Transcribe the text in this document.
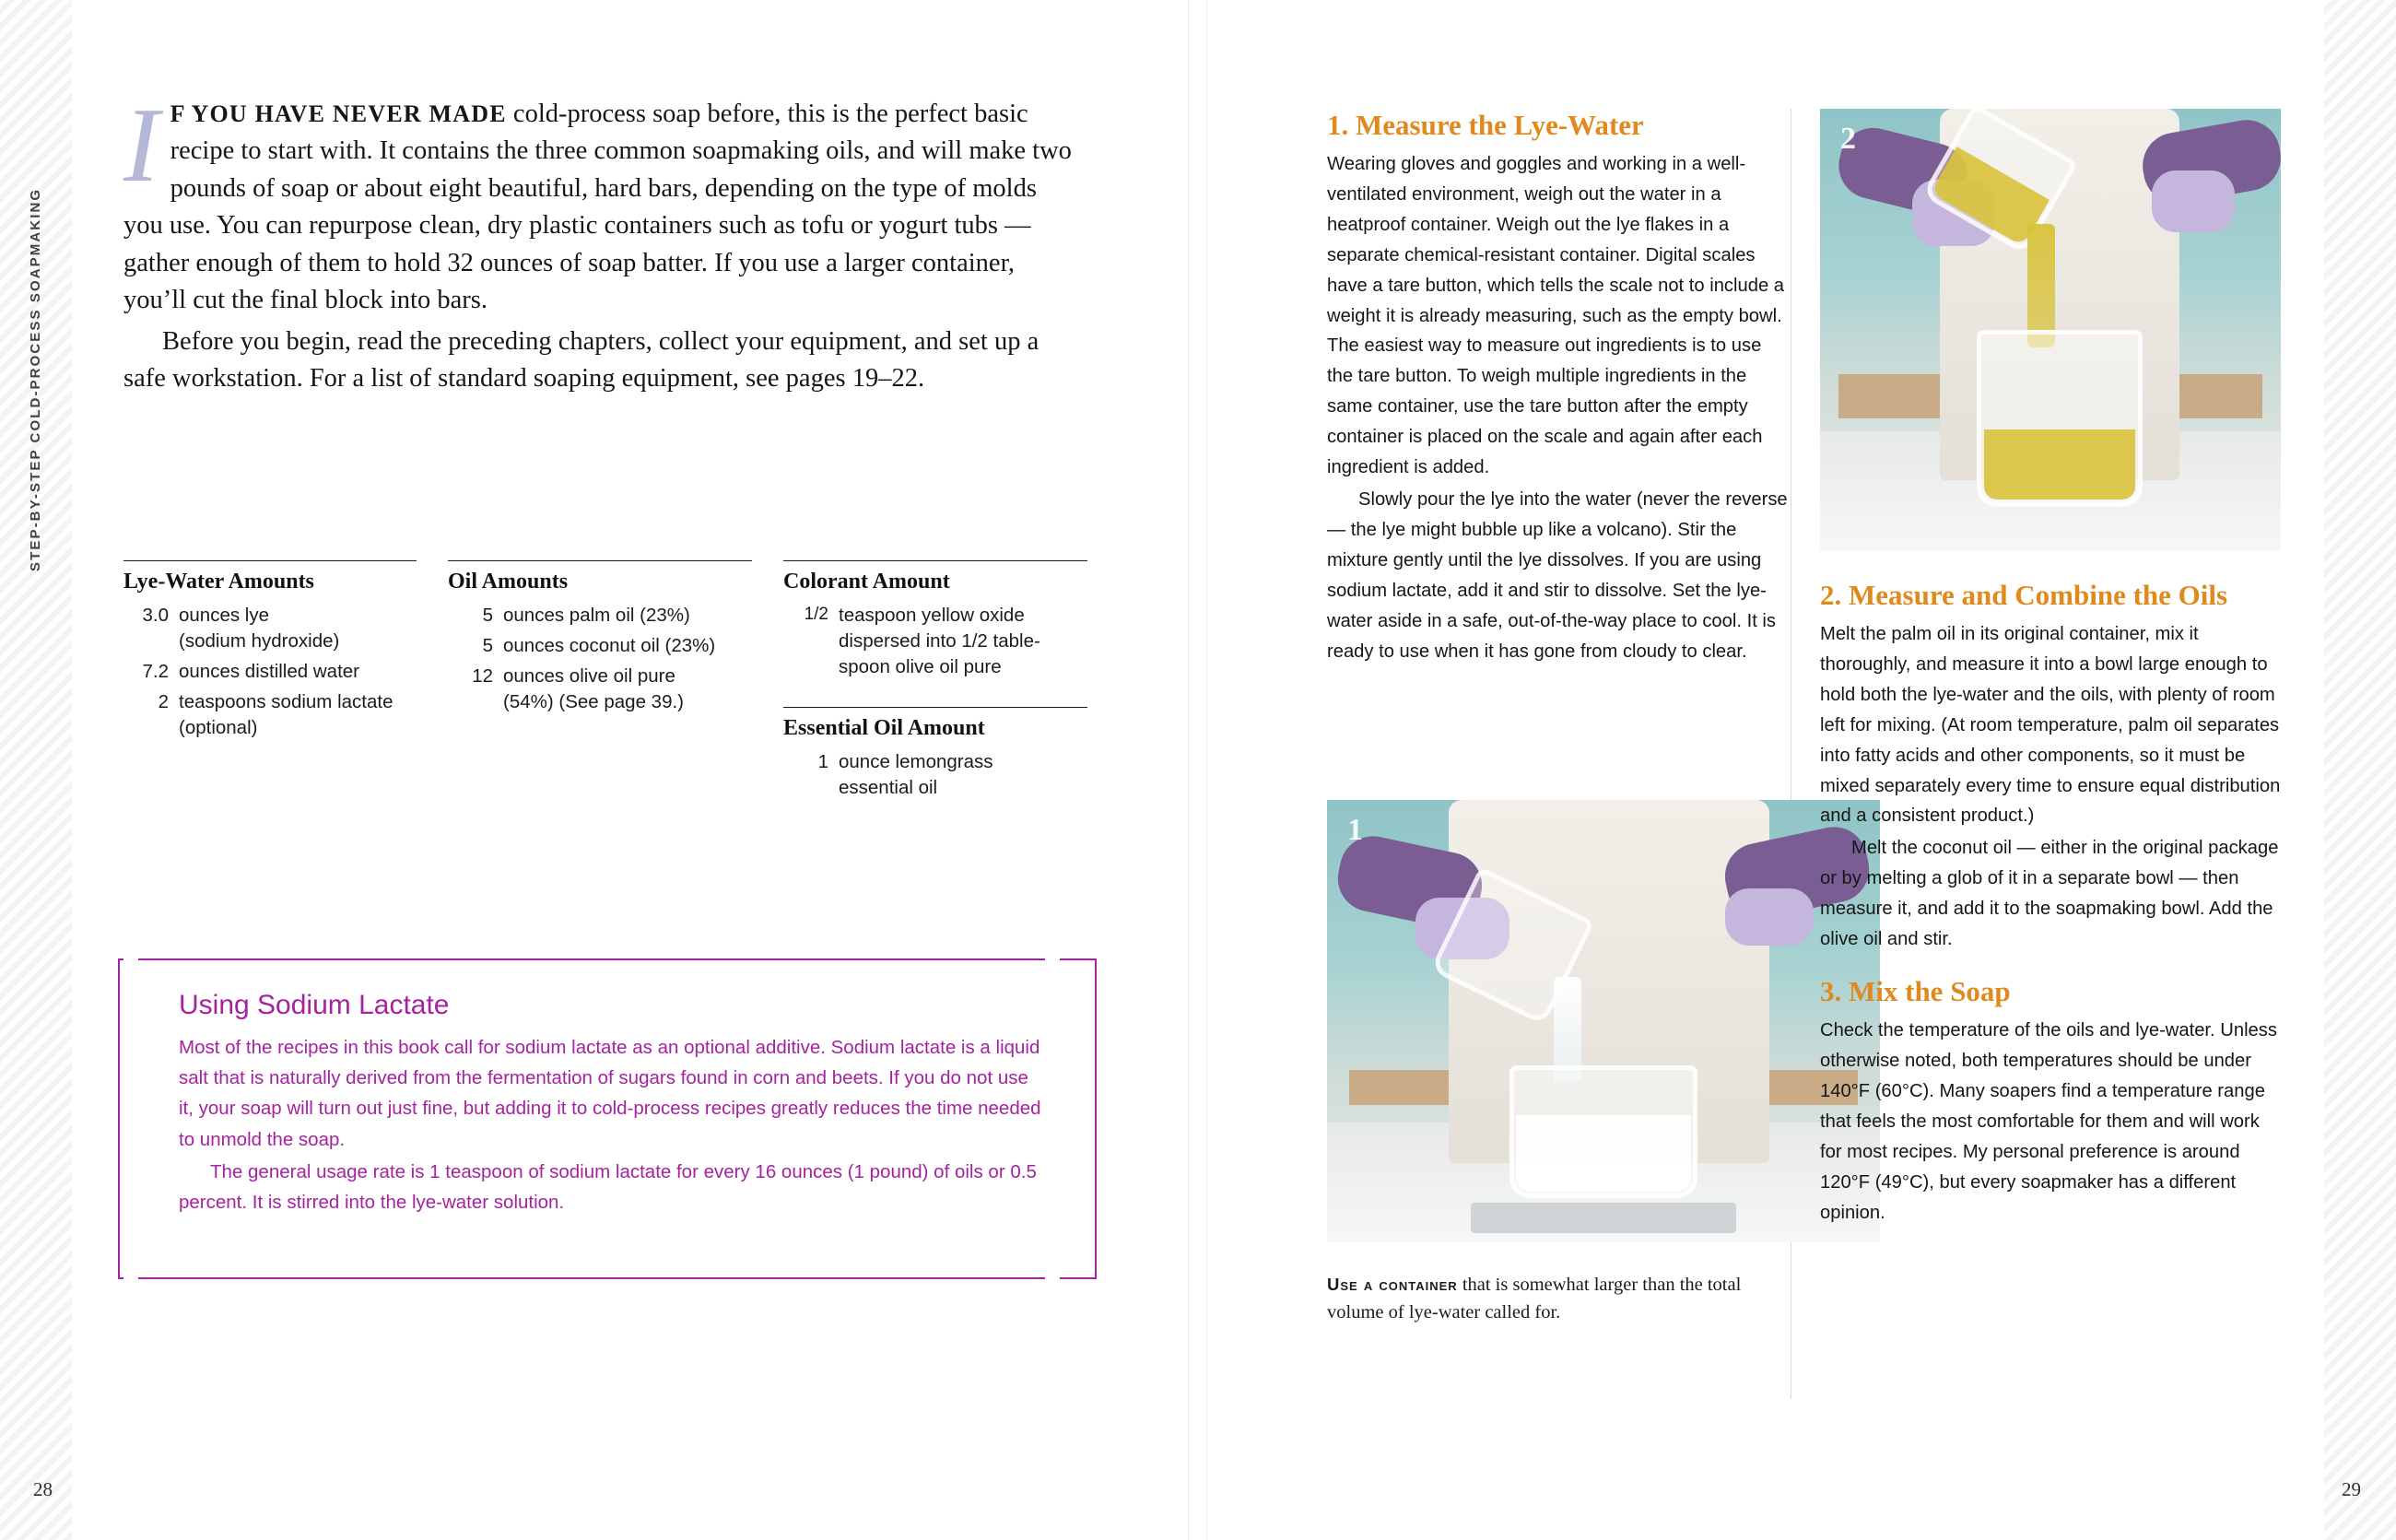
STEP-BY-STEP COLD-PROCESS SOAPMAKING

I F YOU HAVE NEVER MADE cold-process soap before, this is the perfect basic recipe to start with. It contains the three common soapmaking oils, and will make two pounds of soap or about eight beautiful, hard bars, depending on the type of molds you use. You can repurpose clean, dry plastic containers such as tofu or yogurt tubs — gather enough of them to hold 32 ounces of soap batter. If you use a larger container, you’ll cut the final block into bars.

Before you begin, read the preceding chapters, collect your equipment, and set up a safe workstation. For a list of standard soaping equipment, see pages 19–22.

Lye-Water Amounts
3.0 ounces lye
(sodium hydroxide)
7.2 ounces distilled water
2 teaspoons sodium lactate
(optional)
Oil Amounts
5 ounces palm oil (23%)
5 ounces coconut oil (23%)
12 ounces olive oil pure
(54%) (See page 39.)
Colorant Amount
1/2 teaspoon yellow oxide
dispersed into 1/2 table-spoon olive oil pure
Essential Oil Amount
1 ounce lemongrass
essential oil
Using Sodium Lactate

Most of the recipes in this book call for sodium lactate as an optional additive. Sodium lactate is a liquid salt that is naturally derived from the fermentation of sugars found in corn and beets. If you do not use it, your soap will turn out just fine, but adding it to cold-process recipes greatly reduces the time needed to unmold the soap.

The general usage rate is 1 teaspoon of sodium lactate for every 16 ounces (1 pound) of oils or 0.5 percent. It is stirred into the lye-water solution.

1. Measure the Lye-Water

Wearing gloves and goggles and working in a well-ventilated environment, weigh out the water in a heatproof container. Weigh out the lye flakes in a separate chemical-resistant container. Digital scales have a tare button, which tells the scale not to include a weight it is already measuring, such as the empty bowl. The easiest way to measure out ingredients is to use the tare button. To weigh multiple ingredients in the same container, use the tare button after the empty container is placed on the scale and again after each ingredient is added.

Slowly pour the lye into the water (never the reverse — the lye might bubble up like a volcano). Stir the mixture gently until the lye dissolves. If you are using sodium lactate, add it and stir to dissolve. Set the lye-water aside in a safe, out-of-the-way place to cool. It is ready to use when it has gone from cloudy to clear.

1
Use a container that is somewhat larger than the total volume of lye-water called for.
2
2. Measure and Combine the Oils

Melt the palm oil in its original container, mix it thoroughly, and measure it into a bowl large enough to hold both the lye-water and the oils, with plenty of room left for mixing. (At room temperature, palm oil separates into fatty acids and other components, so it must be mixed separately every time to ensure equal distribution and a consistent product.)

Melt the coconut oil — either in the original package or by melting a glob of it in a separate bowl — then measure it, and add it to the soapmaking bowl. Add the olive oil and stir.

3. Mix the Soap

Check the temperature of the oils and lye-water. Unless otherwise noted, both temperatures should be under 140°F (60°C). Many soapers find a temperature range that feels the most comfortable for them and will work for most recipes. My personal preference is around 120°F (49°C), but every soapmaker has a different opinion.

28	29
